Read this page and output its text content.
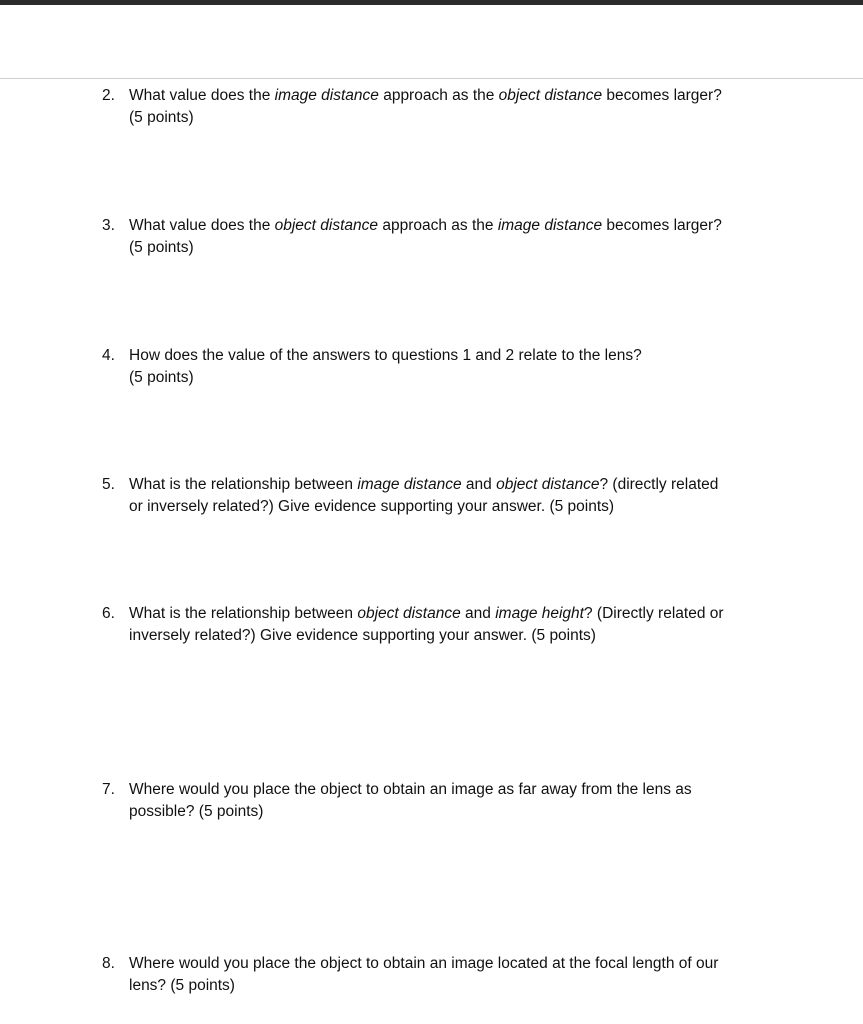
2. What value does the image distance approach as the object distance becomes larger?
(5 points)
3. What value does the object distance approach as the image distance becomes larger?
(5 points)
4. How does the value of the answers to questions 1 and 2 relate to the lens?
(5 points)
5. What is the relationship between image distance and object distance? (directly related
or inversely related?) Give evidence supporting your answer. (5 points)
6. What is the relationship between object distance and image height? (Directly related or
inversely related?) Give evidence supporting your answer. (5 points)
7. Where would you place the object to obtain an image as far away from the lens as
possible? (5 points)
8. Where would you place the object to obtain an image located at the focal length of our
lens? (5 points)
